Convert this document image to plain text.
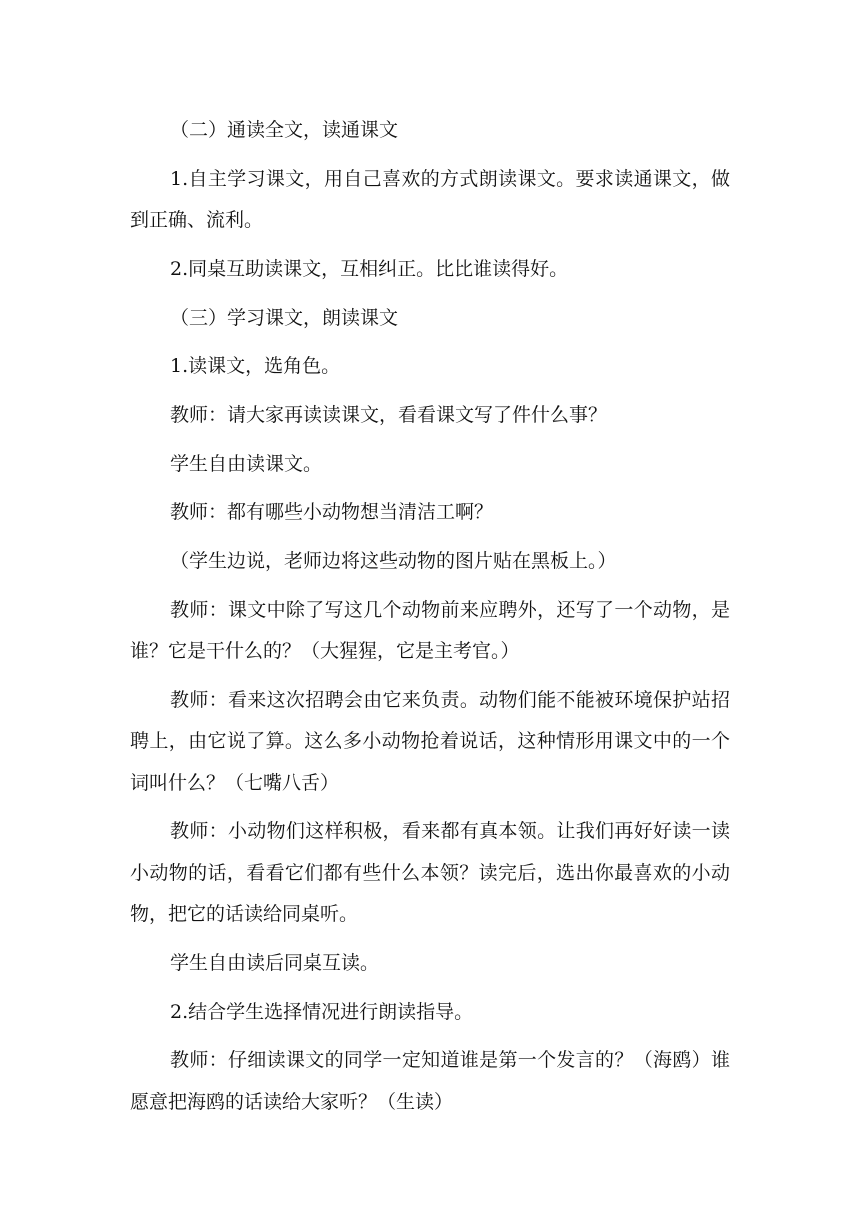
（二）通读全文，读通课文

1.自主学习课文，用自己喜欢的方式朗读课文。要求读通课文，做到正确、流利。

2.同桌互助读课文，互相纠正。比比谁读得好。

（三）学习课文，朗读课文

1.读课文，选角色。

教师：请大家再读读课文，看看课文写了件什么事？

学生自由读课文。

教师：都有哪些小动物想当清洁工啊？

（学生边说，老师边将这些动物的图片贴在黑板上。）

教师：课文中除了写这几个动物前来应聘外，还写了一个动物，是谁？它是干什么的？（大猩猩，它是主考官。）

教师：看来这次招聘会由它来负责。动物们能不能被环境保护站招聘上，由它说了算。这么多小动物抢着说话，这种情形用课文中的一个词叫什么？（七嘴八舌）

教师：小动物们这样积极，看来都有真本领。让我们再好好读一读小动物的话，看看它们都有些什么本领？读完后，选出你最喜欢的小动物，把它的话读给同桌听。

学生自由读后同桌互读。

2.结合学生选择情况进行朗读指导。

教师：仔细读课文的同学一定知道谁是第一个发言的？（海鸥）谁愿意把海鸥的话读给大家听？（生读）
